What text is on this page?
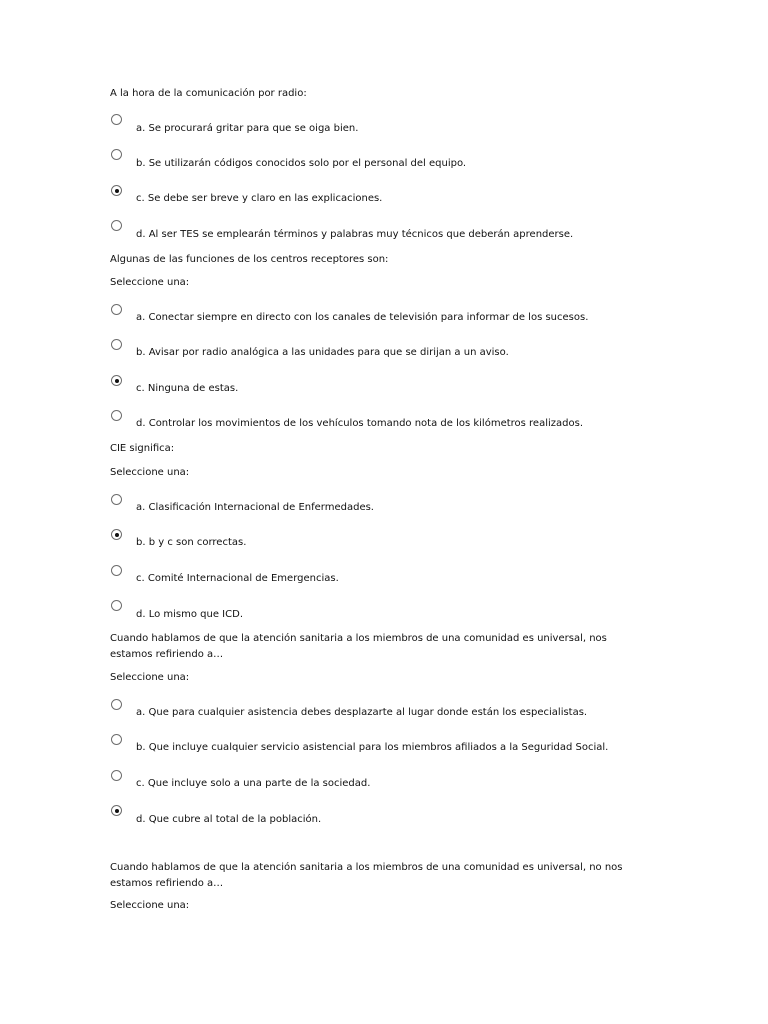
A la hora de la comunicación por radio:
a. Se procurará gritar para que se oiga bien.
b. Se utilizarán códigos conocidos solo por el personal del equipo.
c. Se debe ser breve y claro en las explicaciones.
d. Al ser TES se emplearán términos y palabras muy técnicos que deberán aprenderse.
Algunas de las funciones de los centros receptores son:
Seleccione una:
a. Conectar siempre en directo con los canales de televisión para informar de los sucesos.
b. Avisar por radio analógica a las unidades para que se dirijan a un aviso.
c. Ninguna de estas.
d. Controlar los movimientos de los vehículos tomando nota de los kilómetros realizados.
CIE significa:
Seleccione una:
a. Clasificación Internacional de Enfermedades.
b. b y c son correctas.
c. Comité Internacional de Emergencias.
d. Lo mismo que ICD.
Cuando hablamos de que la atención sanitaria a los miembros de una comunidad es universal, nos estamos refiriendo a…
Seleccione una:
a. Que para cualquier asistencia debes desplazarte al lugar donde están los especialistas.
b. Que incluye cualquier servicio asistencial para los miembros afiliados a la Seguridad Social.
c. Que incluye solo a una parte de la sociedad.
d. Que cubre al total de la población.
Cuando hablamos de que la atención sanitaria a los miembros de una comunidad es universal, no nos estamos refiriendo a…
Seleccione una:
